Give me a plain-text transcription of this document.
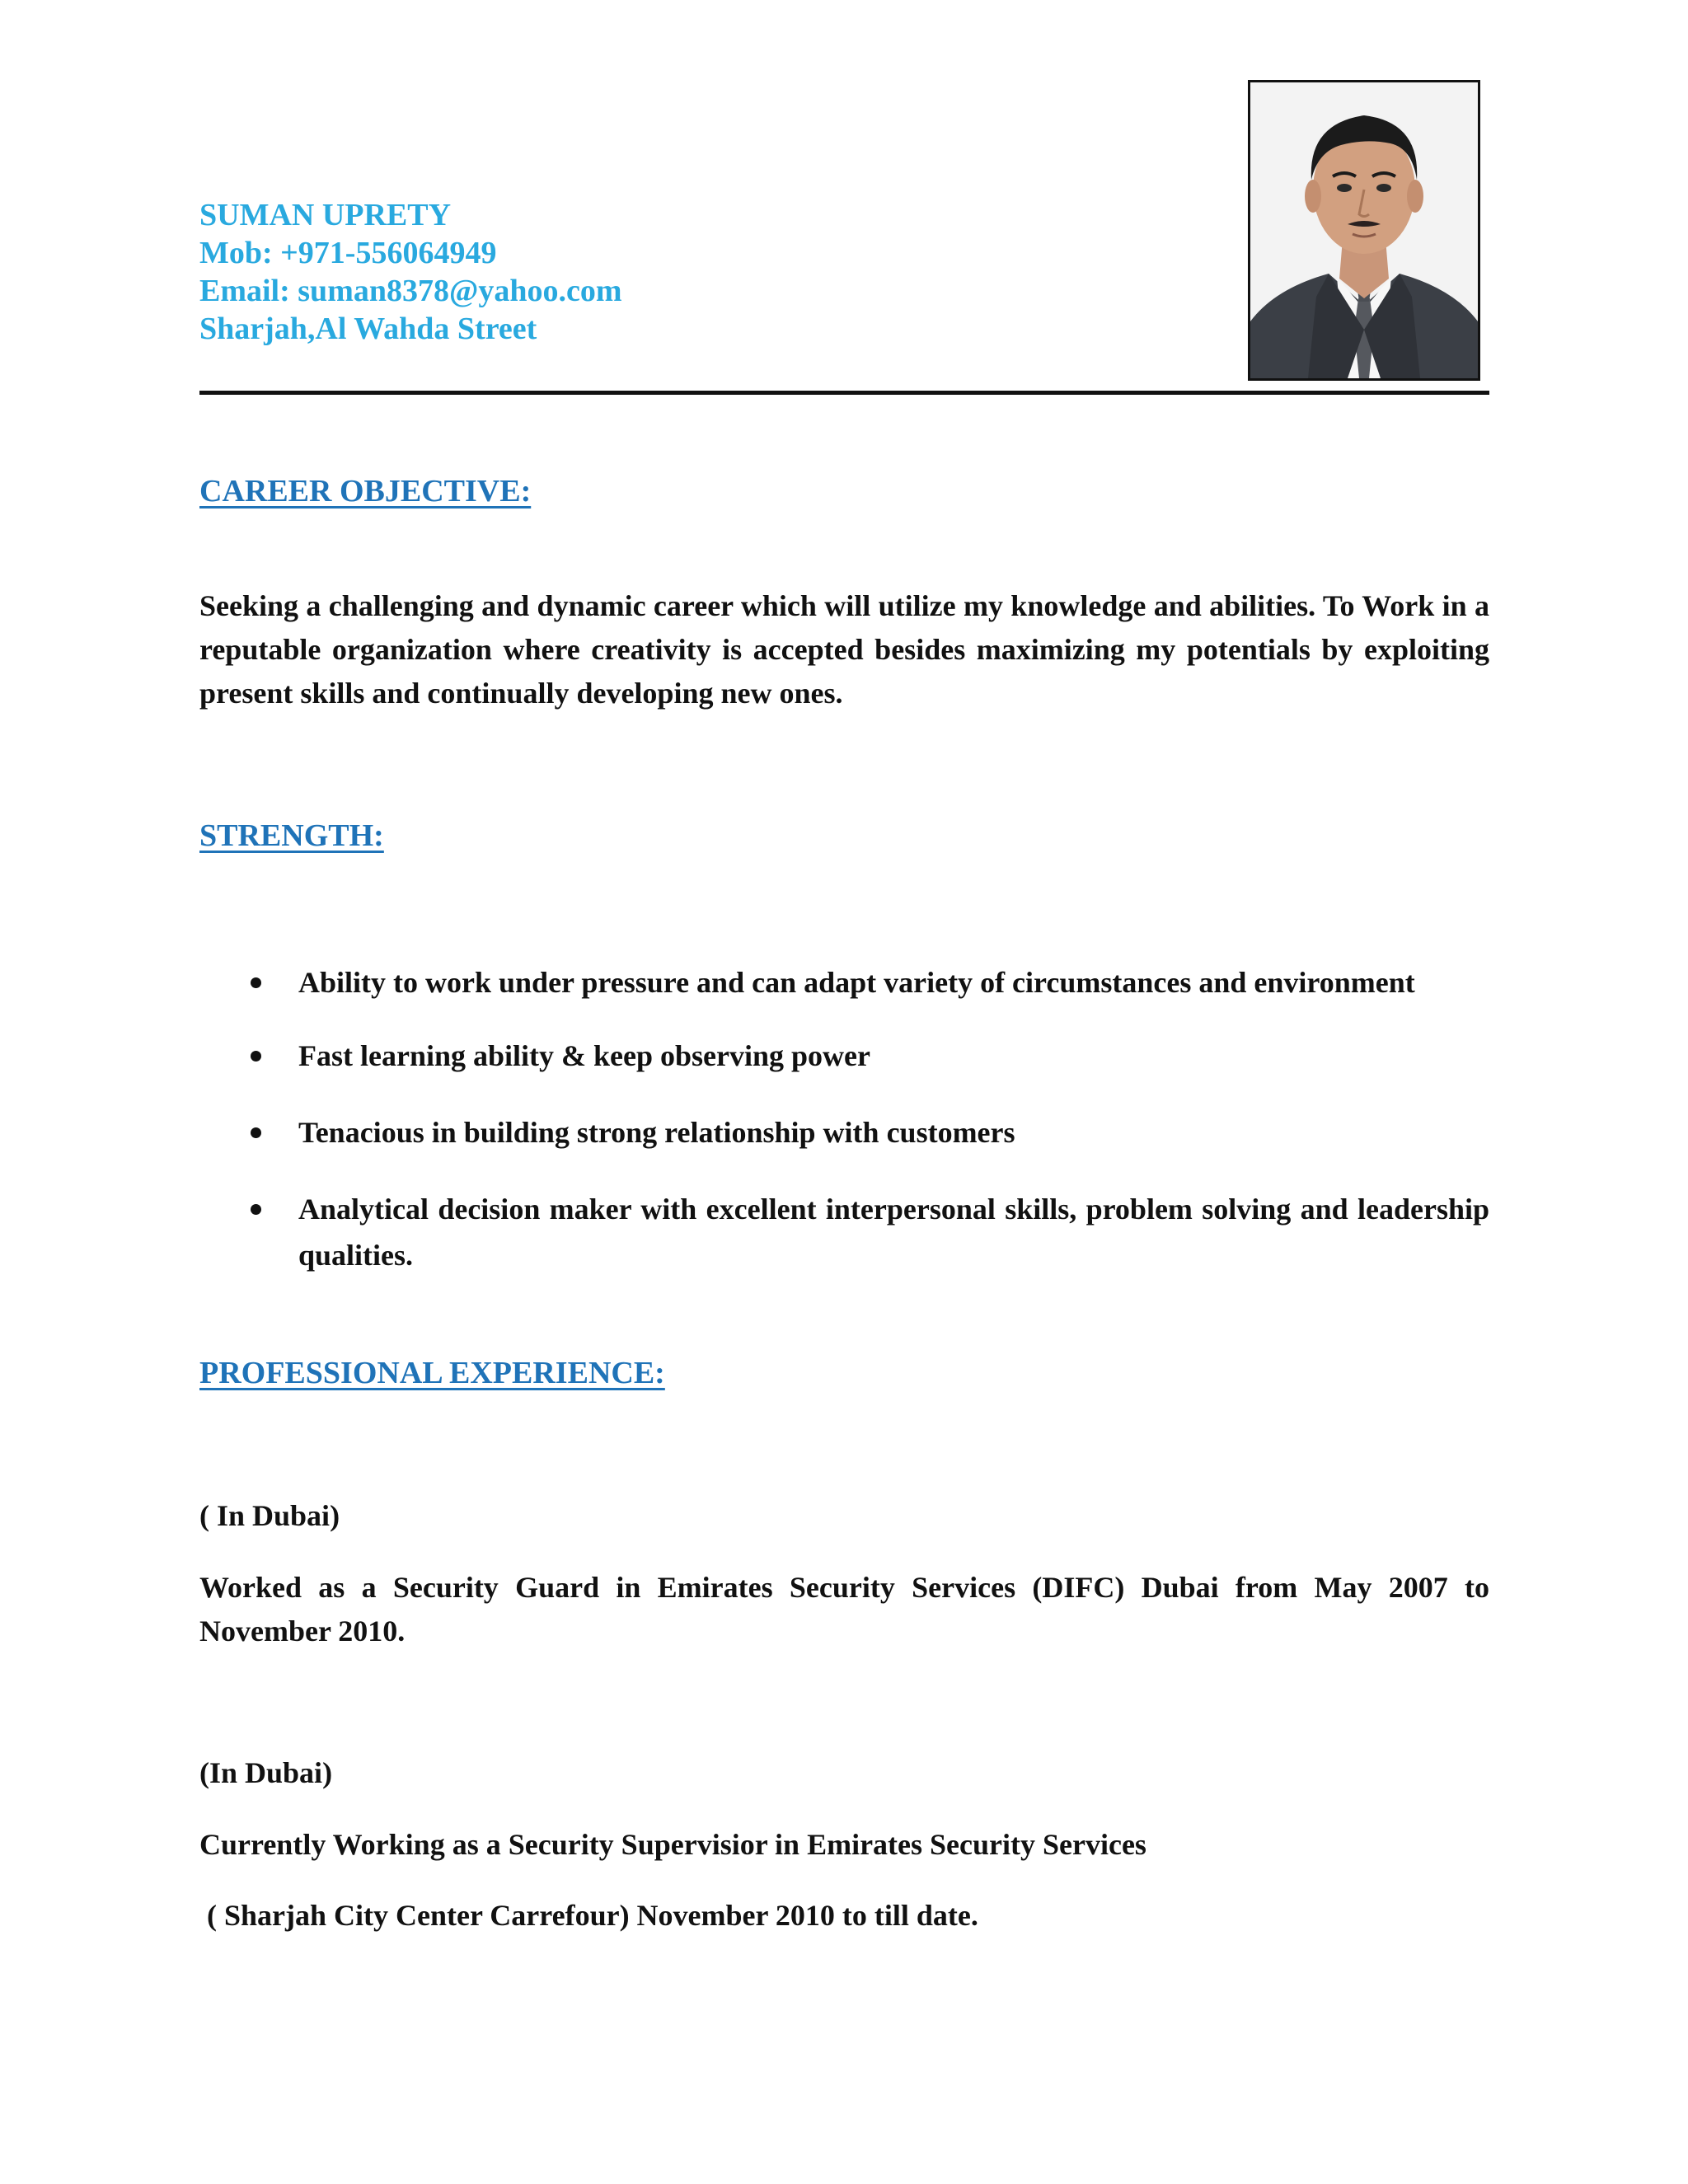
SUMAN UPRETY
Mob: +971-556064949
Email: suman8378@yahoo.com
Sharjah,Al Wahda Street
CAREER OBJECTIVE:
Seeking a challenging and dynamic career which will utilize my knowledge and abilities. To Work in a reputable organization where creativity is accepted besides maximizing my potentials by exploiting present skills and continually developing new ones.
STRENGTH:
Ability to work under pressure and can adapt variety of circumstances and environment
Fast learning ability & keep observing power
Tenacious in building strong relationship with customers
Analytical decision maker with excellent interpersonal skills, problem solving and leadership qualities.
PROFESSIONAL EXPERIENCE:
( In Dubai)
Worked as a Security Guard in Emirates Security Services (DIFC) Dubai from May 2007 to November 2010.
(In Dubai)
Currently Working as a Security Supervisior in Emirates Security Services
( Sharjah City Center Carrefour) November 2010 to till date.
